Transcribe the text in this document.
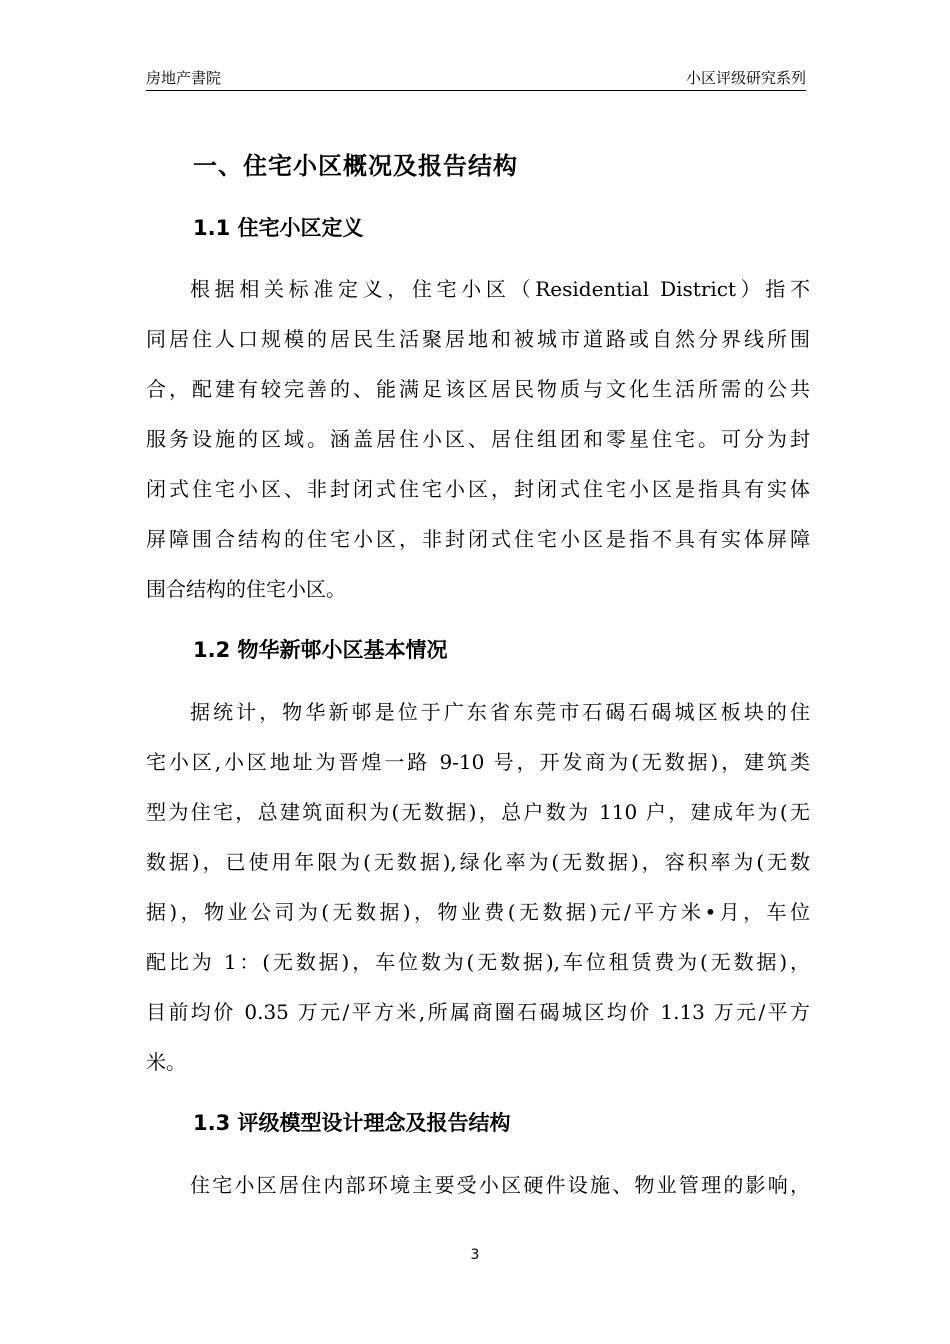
房地产書院	小区评级研究系列
一、住宅小区概况及报告结构
1.1 住宅小区定义
根据相关标准定义，住宅小区（Residential District）指不
同居住人口规模的居民生活聚居地和被城市道路或自然分界线所围
合，配建有较完善的、能满足该区居民物质与文化生活所需的公共
服务设施的区域。涵盖居住小区、居住组团和零星住宅。可分为封
闭式住宅小区、非封闭式住宅小区，封闭式住宅小区是指具有实体
屏障围合结构的住宅小区，非封闭式住宅小区是指不具有实体屏障
围合结构的住宅小区。
1.2 物华新邨小区基本情况
据统计，物华新邨是位于广东省东莞市石碣石碣城区板块的住
宅小区,小区地址为晋煌一路 9-10 号，开发商为(无数据)，建筑类
型为住宅，总建筑面积为(无数据)，总户数为 110 户，建成年为(无
数据)，已使用年限为(无数据),绿化率为(无数据)，容积率为(无数
据)，物业公司为(无数据)，物业费(无数据)元/平方米•月，车位
配比为 1：(无数据)，车位数为(无数据),车位租赁费为(无数据)，
目前均价 0.35 万元/平方米,所属商圈石碣城区均价 1.13 万元/平方
米。
1.3 评级模型设计理念及报告结构
住宅小区居住内部环境主要受小区硬件设施、物业管理的影响，
3
